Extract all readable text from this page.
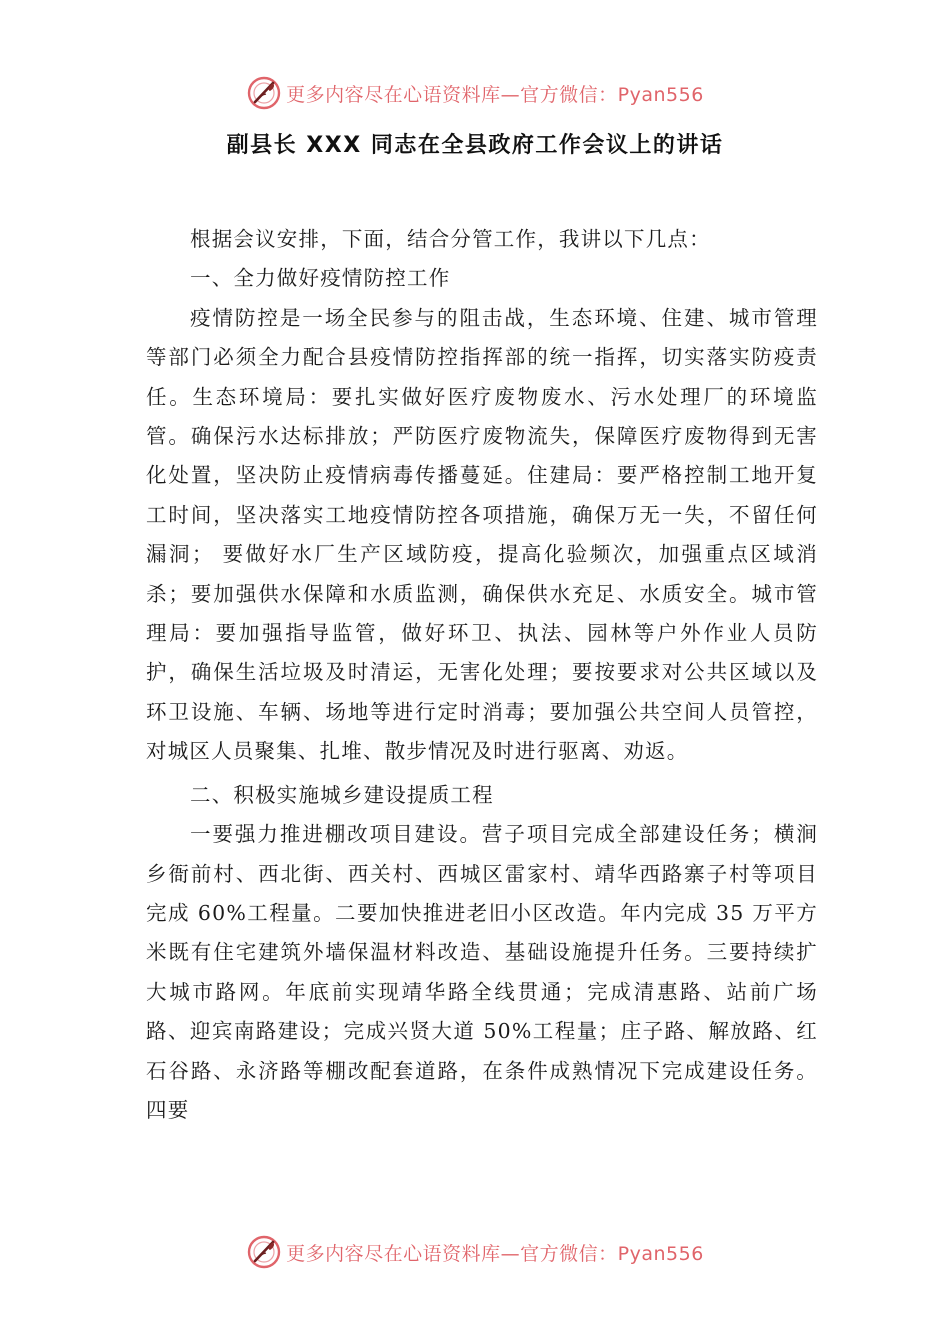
更多内容尽在心语资料库—官方微信：Pyan556
副县长 XXX 同志在全县政府工作会议上的讲话

根据会议安排，下面，结合分管工作，我讲以下几点：

一、全力做好疫情防控工作

疫情防控是一场全民参与的阻击战，生态环境、住建、城市管理等部门必须全力配合县疫情防控指挥部的统一指挥，切实落实防疫责任。生态环境局：要扎实做好医疗废物废水、污水处理厂的环境监管。确保污水达标排放；严防医疗废物流失，保障医疗废物得到无害化处置，坚决防止疫情病毒传播蔓延。住建局：要严格控制工地开复工时间，坚决落实工地疫情防控各项措施，确保万无一失，不留任何漏洞； 要做好水厂生产区域防疫，提高化验频次，加强重点区域消杀；要加强供水保障和水质监测，确保供水充足、水质安全。城市管理局：要加强指导监管，做好环卫、执法、园林等户外作业人员防护，确保生活垃圾及时清运，无害化处理；要按要求对公共区域以及环卫设施、车辆、场地等进行定时消毒；要加强公共空间人员管控，对城区人员聚集、扎堆、散步情况及时进行驱离、劝返。

二、积极实施城乡建设提质工程

一要强力推进棚改项目建设。营子项目完成全部建设任务；横涧乡衙前村、西北街、西关村、西城区雷家村、靖华西路寨子村等项目完成 60%工程量。二要加快推进老旧小区改造。年内完成 35 万平方米既有住宅建筑外墙保温材料改造、基础设施提升任务。三要持续扩大城市路网。年底前实现靖华路全线贯通；完成清惠路、站前广场路、迎宾南路建设；完成兴贤大道 50%工程量；庄子路、解放路、红石谷路、永济路等棚改配套道路，在条件成熟情况下完成建设任务。四要

更多内容尽在心语资料库—官方微信：Pyan556
